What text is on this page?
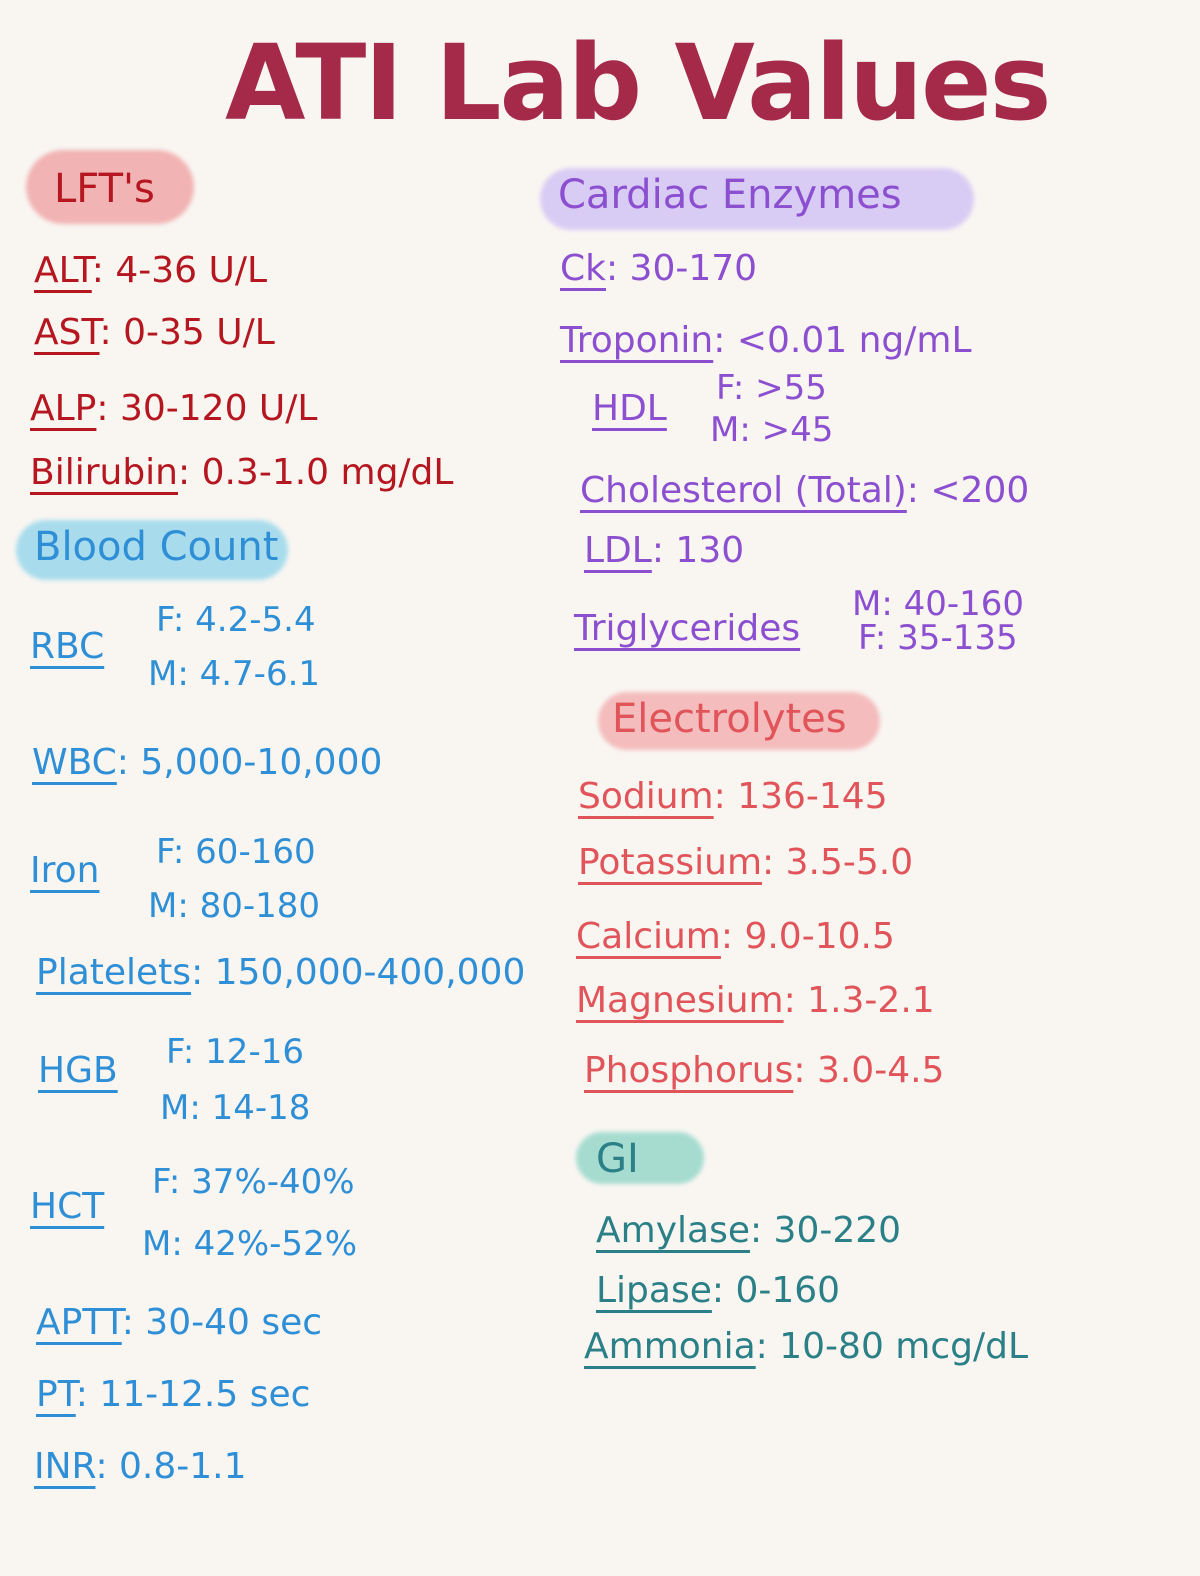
ATI Lab Values
LFT's
ALT: 4-36 U/L
AST: 0-35 U/L
ALP: 30-120 U/L
Bilirubin: 0.3-1.0 mg/dL
Blood Count
RBC
F: 4.2-5.4
M: 4.7-6.1
WBC: 5,000-10,000
Iron F: 60-160
M: 80-180
Platelets: 150,000-400,000
HGB F: 12-16
M: 14-18
HCT
F: 37%-40%
M: 42%-52%
APTT: 30-40 sec
PT: 11-12.5 sec
INR: 0.8-1.1
Cardiac Enzymes
Ck: 30-170
Troponin: <0.01 ng/mL
HDL F: >55
M: >45
Cholesterol (Total): <200
LDL: 130
Triglycerides
M: 40-160
F: 35-135
Electrolytes
Sodium: 136-145
Potassium: 3.5-5.0
Calcium: 9.0-10.5
Magnesium: 1.3-2.1
Phosphorus: 3.0-4.5
GI
Amylase: 30-220
Lipase: 0-160
Ammonia: 10-80 mcg/dL
